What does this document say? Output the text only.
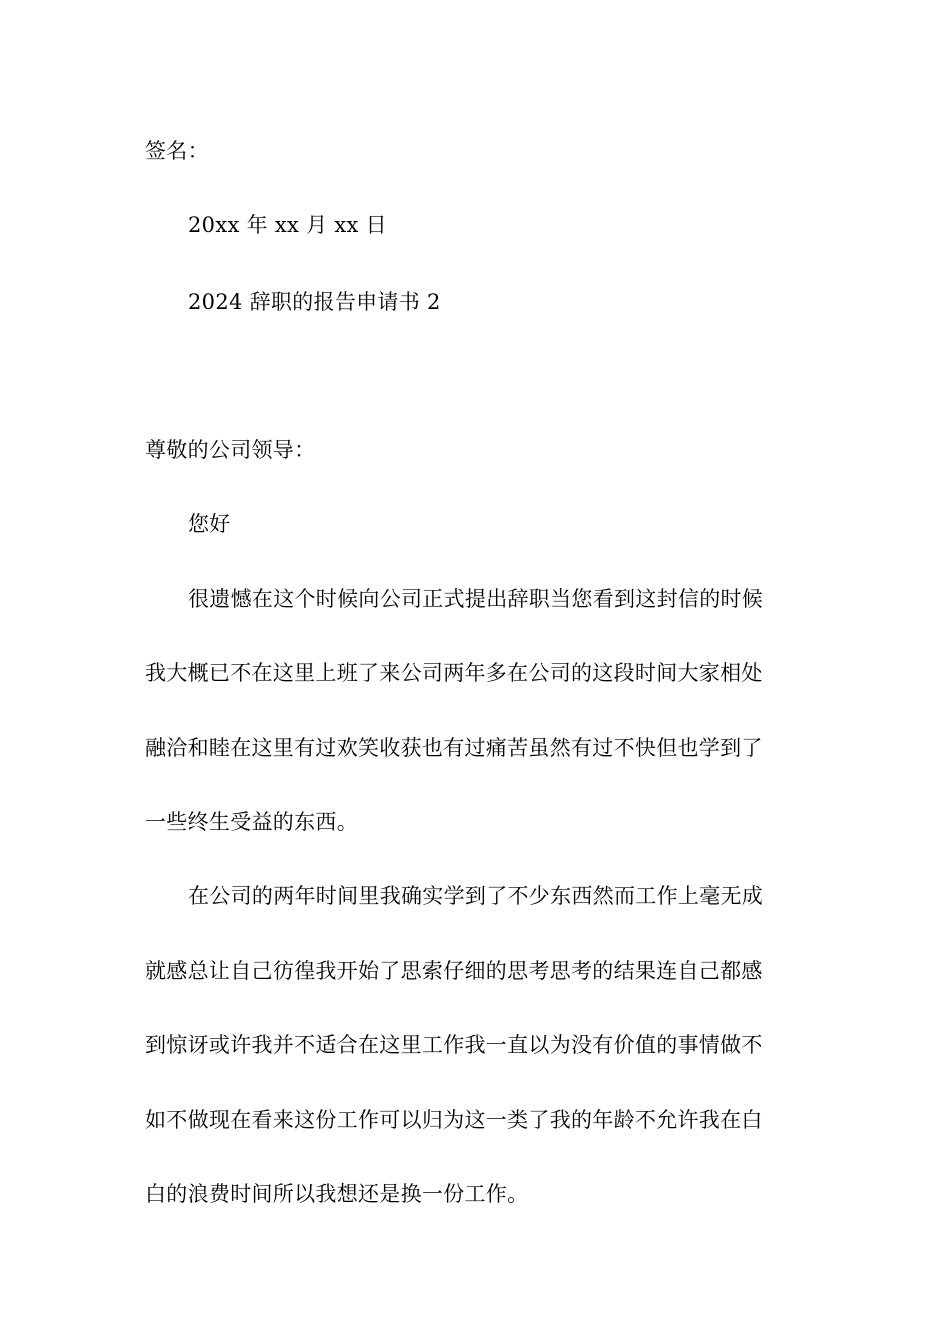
签名：
20xx 年 xx 月 xx 日
2024 辞职的报告申请书 2
尊敬的公司领导：
您好
很遗憾在这个时候向公司正式提出辞职当您看到这封信的时候
我大概已不在这里上班了来公司两年多在公司的这段时间大家相处
融洽和睦在这里有过欢笑收获也有过痛苦虽然有过不快但也学到了
一些终生受益的东西。
在公司的两年时间里我确实学到了不少东西然而工作上毫无成
就感总让自己彷徨我开始了思索仔细的思考思考的结果连自己都感
到惊讶或许我并不适合在这里工作我一直以为没有价值的事情做不
如不做现在看来这份工作可以归为这一类了我的年龄不允许我在白
白的浪费时间所以我想还是换一份工作。
